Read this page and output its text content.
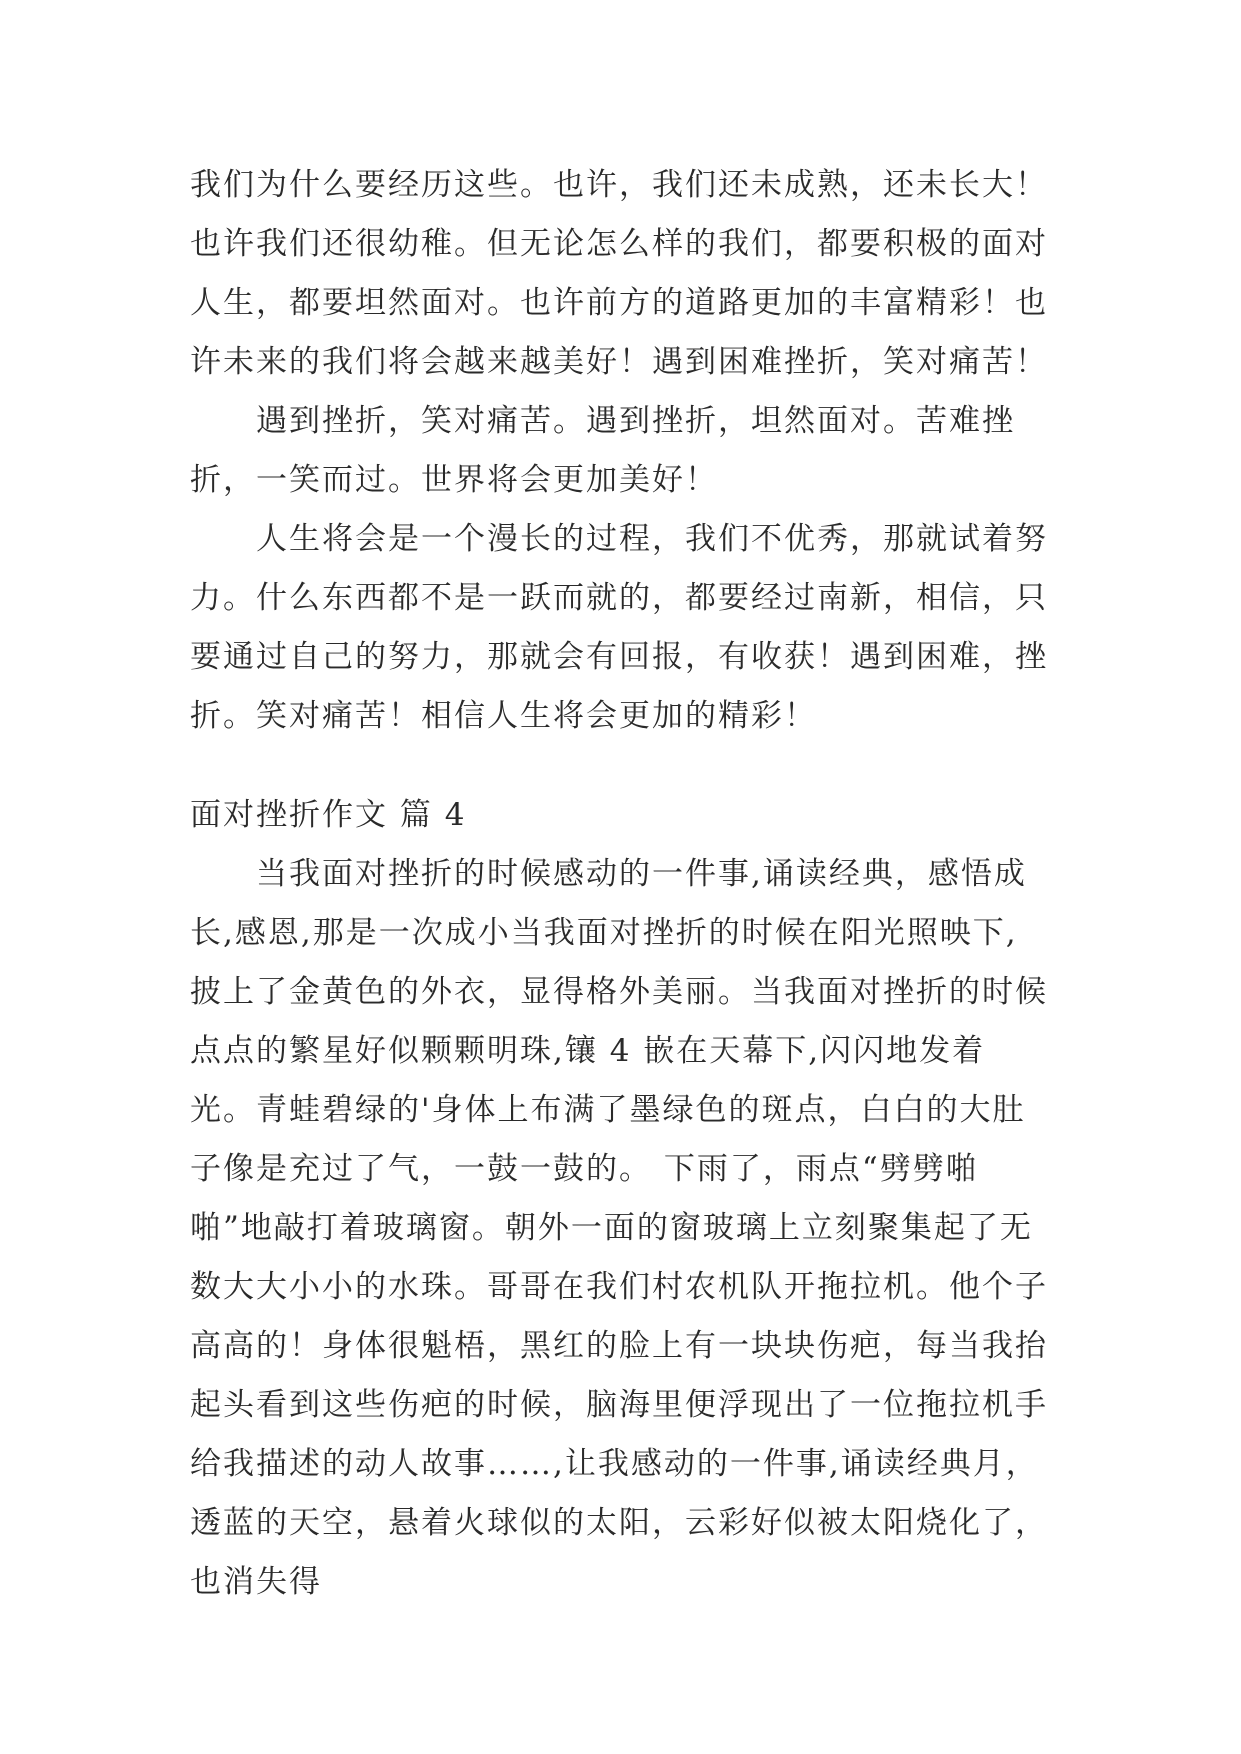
我们为什么要经历这些。也许，我们还未成熟，还未长大！也许我们还很幼稚。但无论怎么样的我们，都要积极的面对人生，都要坦然面对。也许前方的道路更加的丰富精彩！也许未来的我们将会越来越美好！遇到困难挫折，笑对痛苦！

遇到挫折，笑对痛苦。遇到挫折，坦然面对。苦难挫折，一笑而过。世界将会更加美好！

人生将会是一个漫长的过程，我们不优秀，那就试着努力。什么东西都不是一跃而就的，都要经过南新，相信，只要通过自己的努力，那就会有回报，有收获！遇到困难，挫折。笑对痛苦！相信人生将会更加的精彩！

面对挫折作文 篇 4

当我面对挫折的时候感动的一件事,诵读经典，感悟成长,感恩,那是一次成小当我面对挫折的时候在阳光照映下,披上了金黄色的外衣，显得格外美丽。当我面对挫折的时候点点的繁星好似颗颗明珠,镶 4 嵌在天幕下,闪闪地发着光。青蛙碧绿的'身体上布满了墨绿色的斑点，白白的大肚子像是充过了气，一鼓一鼓的。 下雨了，雨点“劈劈啪啪”地敲打着玻璃窗。朝外一面的窗玻璃上立刻聚集起了无数大大小小的水珠。哥哥在我们村农机队开拖拉机。他个子高高的！身体很魁梧，黑红的脸上有一块块伤疤，每当我抬起头看到这些伤疤的时候，脑海里便浮现出了一位拖拉机手给我描述的动人故事……,让我感动的一件事,诵读经典月，透蓝的天空，悬着火球似的太阳，云彩好似被太阳烧化了，也消失得
